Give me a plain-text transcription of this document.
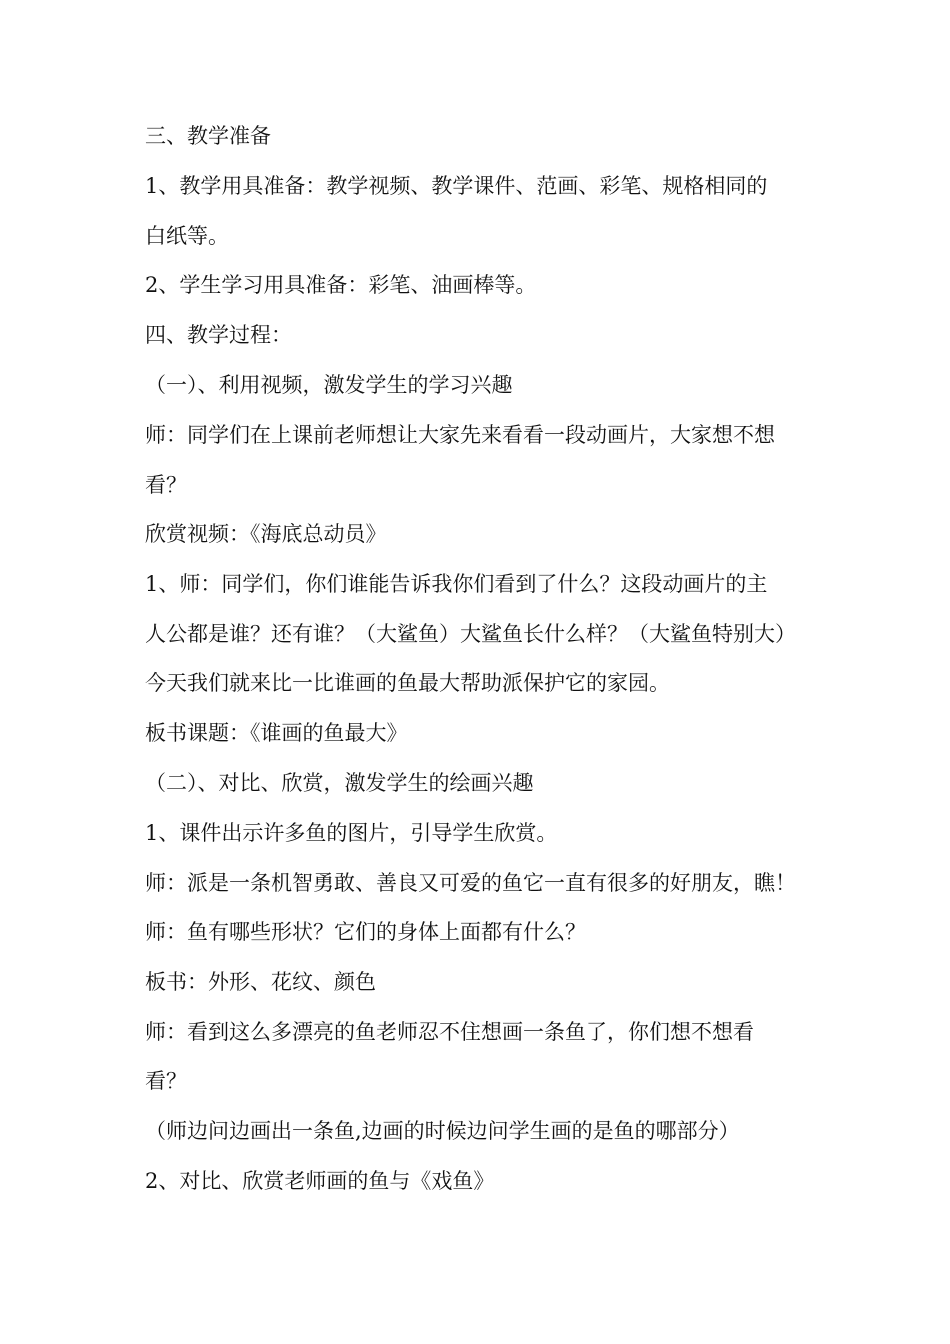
三、教学准备
1、教学用具准备：教学视频、教学课件、范画、彩笔、规格相同的
白纸等。
2、学生学习用具准备：彩笔、油画棒等。
四、教学过程：
（一）、利用视频，激发学生的学习兴趣
师：同学们在上课前老师想让大家先来看看一段动画片，大家想不想
看？
欣赏视频：《海底总动员》
1、师：同学们，你们谁能告诉我你们看到了什么？这段动画片的主
人公都是谁？还有谁？（大鲨鱼）大鲨鱼长什么样？（大鲨鱼特别大）
今天我们就来比一比谁画的鱼最大帮助派保护它的家园。
板书课题：《谁画的鱼最大》
（二）、对比、欣赏，激发学生的绘画兴趣
1、课件出示许多鱼的图片，引导学生欣赏。
师：派是一条机智勇敢、善良又可爱的鱼它一直有很多的好朋友，瞧！
师：鱼有哪些形状？它们的身体上面都有什么？
板书：外形、花纹、颜色
师：看到这么多漂亮的鱼老师忍不住想画一条鱼了，你们想不想看
看？
（师边问边画出一条鱼,边画的时候边问学生画的是鱼的哪部分）
2、对比、欣赏老师画的鱼与《戏鱼》
